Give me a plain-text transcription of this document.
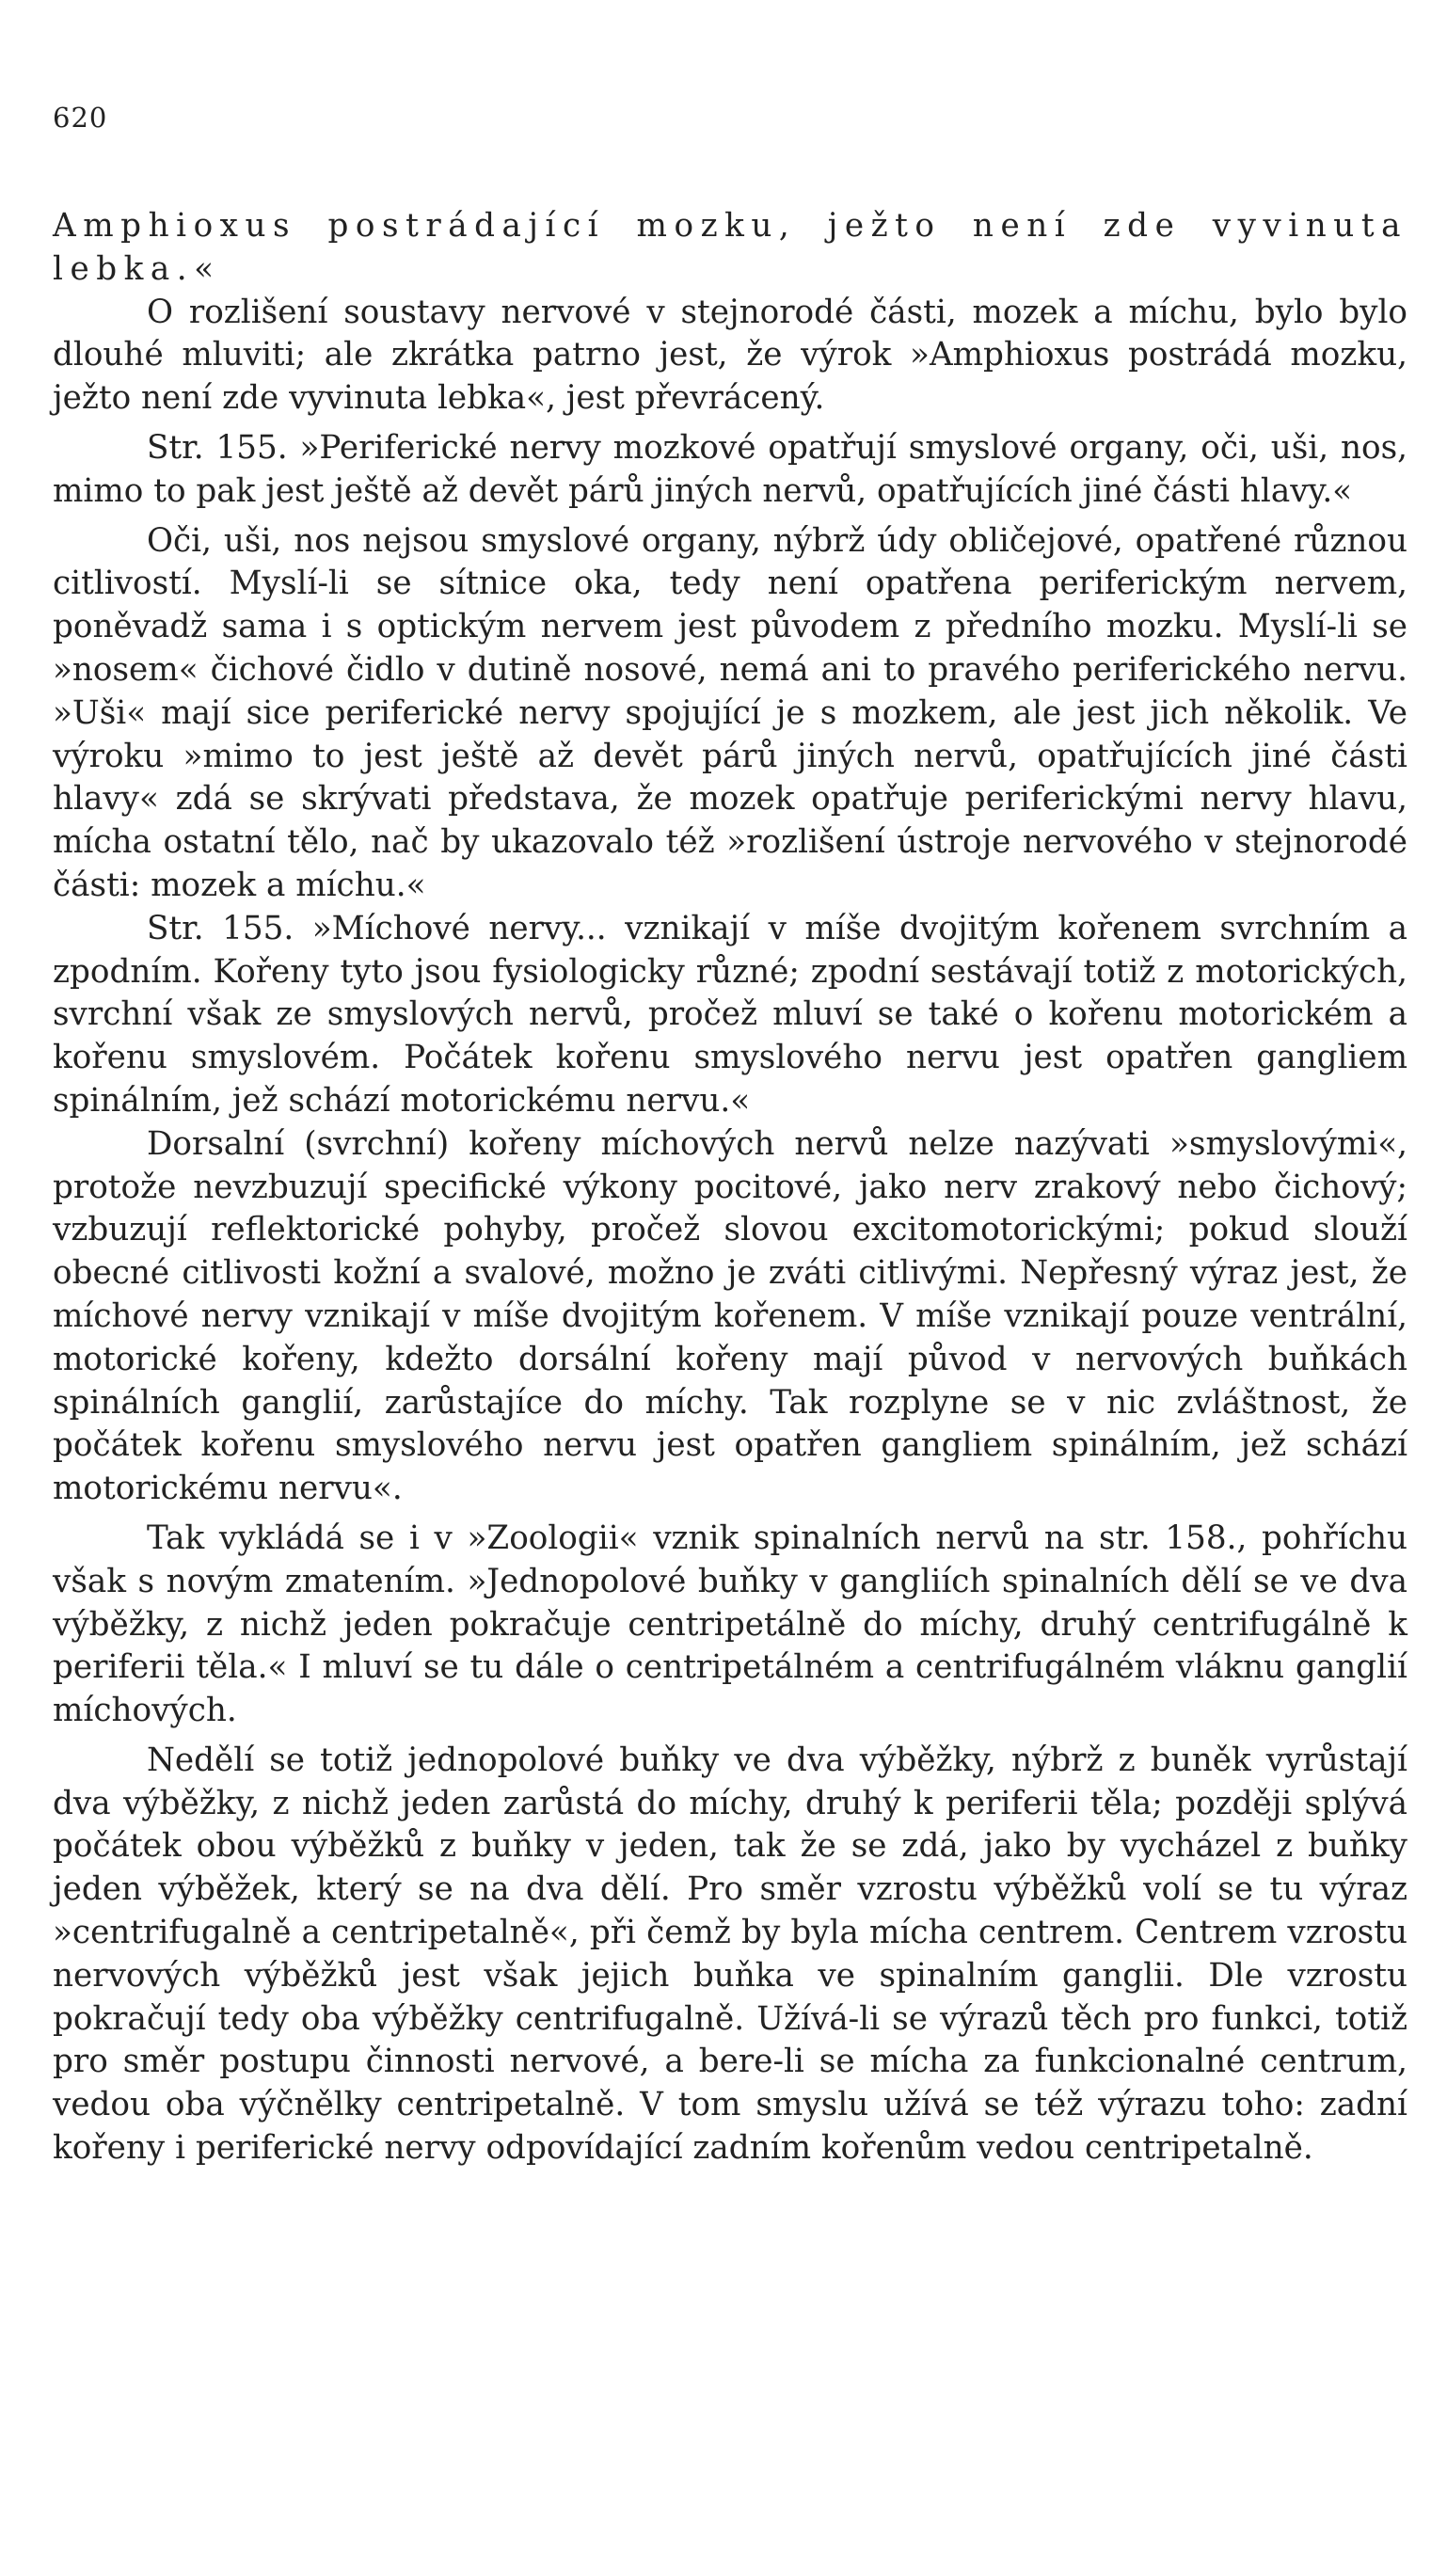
620

Amphioxus postrádající mozku, ježto není zde vyvinuta lebka.«

O rozlišení soustavy nervové v stejnorodé části, mozek a míchu, bylo bylo dlouhé mluviti; ale zkrátka patrno jest, že výrok »Amphioxus postrádá mozku, ježto není zde vyvinuta lebka«, jest převrácený.

Str. 155. »Periferické nervy mozkové opatřují smyslové organy, oči, uši, nos, mimo to pak jest ještě až devět párů jiných nervů, opatřujících jiné části hlavy.«

Oči, uši, nos nejsou smyslové organy, nýbrž údy obličejové, opatřené různou citlivostí. Myslí-li se sítnice oka, tedy není opatřena periferickým nervem, poněvadž sama i s optickým nervem jest původem z předního mozku. Myslí-li se »nosem« čichové čidlo v dutině nosové, nemá ani to pravého periferického nervu. »Uši« mají sice periferické nervy spojující je s mozkem, ale jest jich několik. Ve výroku »mimo to jest ještě až devět párů jiných nervů, opatřujících jiné části hlavy« zdá se skrývati představa, že mozek opatřuje periferickými nervy hlavu, mícha ostatní tělo, nač by ukazovalo též »rozlišení ústroje nervového v stejnorodé části: mozek a míchu.«

Str. 155. »Míchové nervy... vznikají v míše dvojitým kořenem svrchním a zpodním. Kořeny tyto jsou fysiologicky různé; zpodní sestávají totiž z motorických, svrchní však ze smyslových nervů, pročež mluví se také o kořenu motorickém a kořenu smyslovém. Počátek kořenu smyslového nervu jest opatřen gangliem spinálním, jež schází motorickému nervu.«

Dorsalní (svrchní) kořeny míchových nervů nelze nazývati »smyslovými«, protože nevzbuzují specifické výkony pocitové, jako nerv zrakový nebo čichový; vzbuzují reflektorické pohyby, pročež slovou excitomotorickými; pokud slouží obecné citlivosti kožní a svalové, možno je zváti citlivými. Nepřesný výraz jest, že míchové nervy vznikají v míše dvojitým kořenem. V míše vznikají pouze ventrální, motorické kořeny, kdežto dorsální kořeny mají původ v nervových buňkách spinálních ganglií, zarůstajíce do míchy. Tak rozplyne se v nic zvláštnost, že počátek kořenu smyslového nervu jest opatřen gangliem spinálním, jež schází motorickému nervu«.

Tak vykládá se i v »Zoologii« vznik spinalních nervů na str. 158., pohříchu však s novým zmatením. »Jednopolové buňky v gangliích spinalních dělí se ve dva výběžky, z nichž jeden pokračuje centripetálně do míchy, druhý centrifugálně k periferii těla.« I mluví se tu dále o centripetálném a centrifugálném vláknu ganglií míchových.

Nedělí se totiž jednopolové buňky ve dva výběžky, nýbrž z buněk vyrůstají dva výběžky, z nichž jeden zarůstá do míchy, druhý k periferii těla; později splývá počátek obou výběžků z buňky v jeden, tak že se zdá, jako by vycházel z buňky jeden výběžek, který se na dva dělí. Pro směr vzrostu výběžků volí se tu výraz »centrifugalně a centripetalně«, při čemž by byla mícha centrem. Centrem vzrostu nervových výběžků jest však jejich buňka ve spinalním ganglii. Dle vzrostu pokračují tedy oba výběžky centrifugalně. Užívá-li se výrazů těch pro funkci, totiž pro směr postupu činnosti nervové, a bere-li se mícha za funkcionalné centrum, vedou oba výčnělky centripetalně. V tom smyslu užívá se též výrazu toho: zadní kořeny i periferické nervy odpovídající zadním kořenům vedou centripetalně.
